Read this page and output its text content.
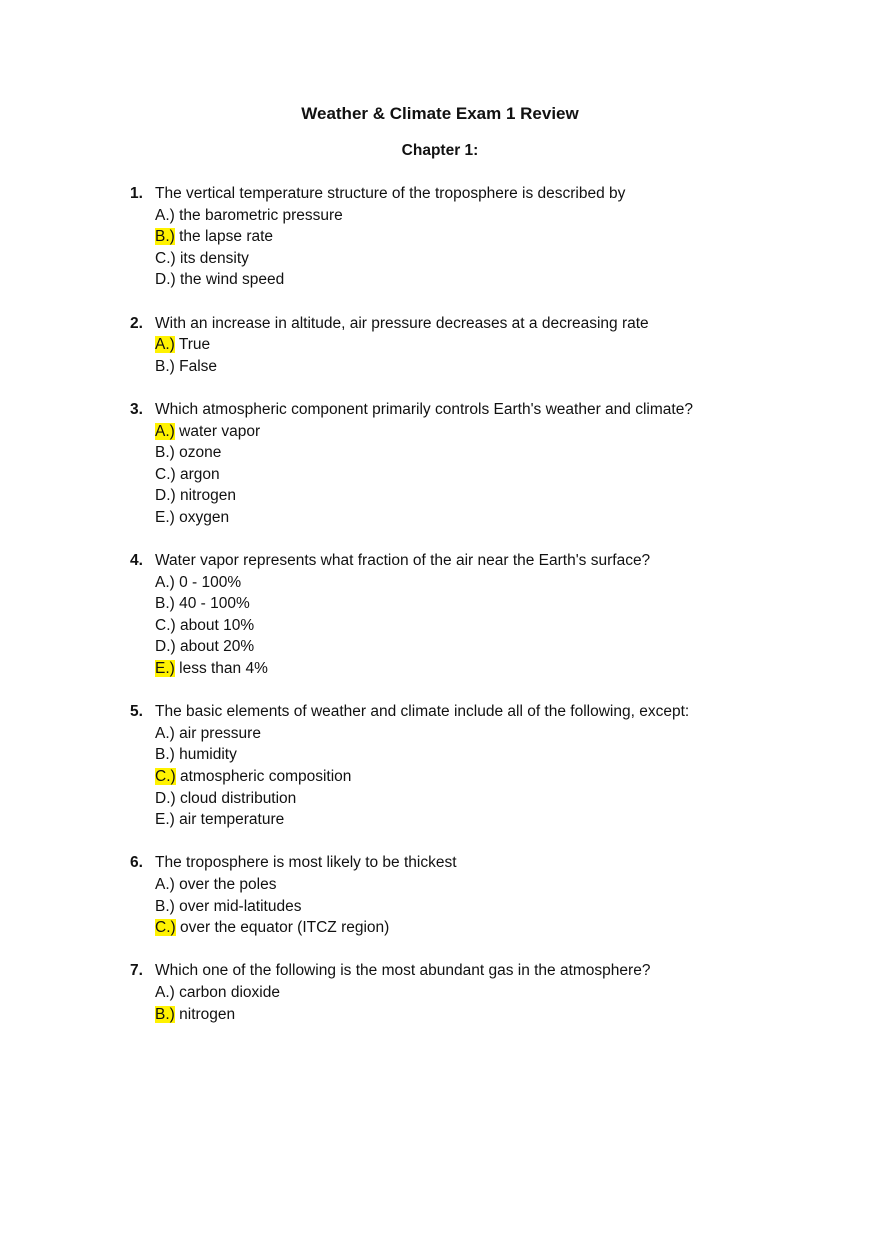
Weather & Climate Exam 1 Review
Chapter 1:
1. The vertical temperature structure of the troposphere is described by
A.) the barometric pressure
B.) the lapse rate
C.) its density
D.) the wind speed
2. With an increase in altitude, air pressure decreases at a decreasing rate
A.) True
B.) False
3. Which atmospheric component primarily controls Earth's weather and climate?
A.) water vapor
B.) ozone
C.) argon
D.) nitrogen
E.) oxygen
4. Water vapor represents what fraction of the air near the Earth's surface?
A.) 0 - 100%
B.) 40 - 100%
C.) about 10%
D.) about 20%
E.) less than 4%
5. The basic elements of weather and climate include all of the following, except:
A.) air pressure
B.) humidity
C.) atmospheric composition
D.) cloud distribution
E.) air temperature
6. The troposphere is most likely to be thickest
A.) over the poles
B.) over mid-latitudes
C.) over the equator (ITCZ region)
7. Which one of the following is the most abundant gas in the atmosphere?
A.) carbon dioxide
B.) nitrogen
